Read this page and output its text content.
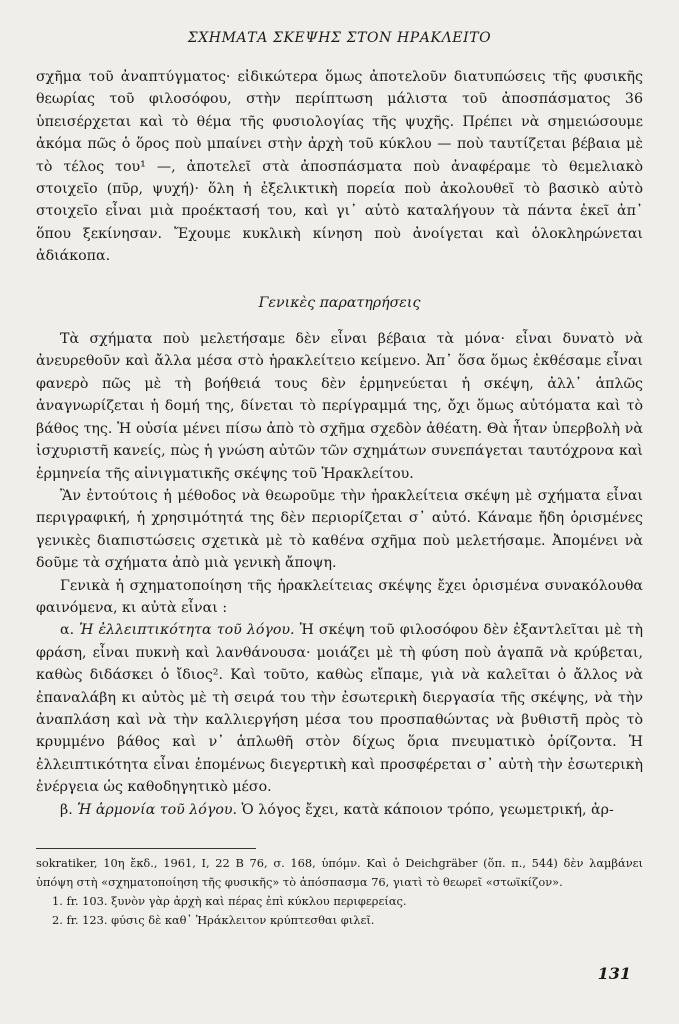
ΣΧΗΜΑΤΑ ΣΚΕΨΗΣ ΣΤΟΝ ΗΡΑΚΛΕΙΤΟ

σχῆμα τοῦ ἀναπτύγματος· εἰδικώτερα ὅμως ἀποτελοῦν διατυπώσεις τῆς φυσικῆς θεωρίας τοῦ φιλοσόφου, στὴν περίπτωση μάλιστα τοῦ ἀποσπάσματος 36 ὑπεισέρχεται καὶ τὸ θέμα τῆς φυσιολογίας τῆς ψυχῆς. Πρέπει νὰ σημειώσουμε ἀκόμα πῶς ὁ ὅρος ποὺ μπαίνει στὴν ἀρχὴ τοῦ κύκλου — ποὺ ταυτίζεται βέβαια μὲ τὸ τέλος του¹ —, ἀποτελεῖ στὰ ἀποσπάσματα ποὺ ἀναφέραμε τὸ θεμελιακὸ στοιχεῖο (πῦρ, ψυχή)· ὅλη ἡ ἐξελικτικὴ πορεία ποὺ ἀκολουθεῖ τὸ βασικὸ αὐτὸ στοιχεῖο εἶναι μιὰ προέκτασή του, καὶ γι᾽ αὐτὸ καταλήγουν τὰ πάντα ἐκεῖ ἀπ᾽ ὅπου ξεκίνησαν. Ἔχουμε κυκλικὴ κίνηση ποὺ ἀνοίγεται καὶ ὁλοκληρώνεται ἀδιάκοπα.

Γενικὲς παρατηρήσεις

Τὰ σχήματα ποὺ μελετήσαμε δὲν εἶναι βέβαια τὰ μόνα· εἶναι δυνατὸ νὰ ἀνευρεθοῦν καὶ ἄλλα μέσα στὸ ἡρακλείτειο κείμενο. Ἀπ᾽ ὅσα ὅμως ἐκθέσαμε εἶναι φανερὸ πῶς μὲ τὴ βοήθειά τους δὲν ἑρμηνεύεται ἡ σκέψη, ἀλλ᾽ ἁπλῶς ἀναγνωρίζεται ἡ δομή της, δίνεται τὸ περίγραμμά της, ὄχι ὅμως αὐτόματα καὶ τὸ βάθος της. Ἡ οὐσία μένει πίσω ἀπὸ τὸ σχῆμα σχεδὸν ἀθέατη. Θὰ ἦταν ὑπερβολὴ νὰ ἰσχυριστῆ κανείς, πὼς ἡ γνώση αὐτῶν τῶν σχημάτων συνεπάγεται ταυτόχρονα καὶ ἑρμηνεία τῆς αἰνιγματικῆς σκέψης τοῦ Ἡρακλείτου.

Ἂν ἐντούτοις ἡ μέθοδος νὰ θεωροῦμε τὴν ἡρακλείτεια σκέψη μὲ σχήματα εἶναι περιγραφική, ἡ χρησιμότητά της δὲν περιορίζεται σ᾽ αὐτό. Κάναμε ἤδη ὁρισμένες γενικὲς διαπιστώσεις σχετικὰ μὲ τὸ καθένα σχῆμα ποὺ μελετήσαμε. Ἀπομένει νὰ δοῦμε τὰ σχήματα ἀπὸ μιὰ γενικὴ ἄποψη.

Γενικὰ ἡ σχηματοποίηση τῆς ἡρακλείτειας σκέψης ἔχει ὁρισμένα συνακόλουθα φαινόμενα, κι αὐτὰ εἶναι :

α. Ἡ ἐλλειπτικότητα τοῦ λόγου. Ἡ σκέψη τοῦ φιλοσόφου δὲν ἐξαντλεῖται μὲ τὴ φράση, εἶναι πυκνὴ καὶ λανθάνουσα· μοιάζει μὲ τὴ φύση ποὺ ἀγαπᾶ νὰ κρύβεται, καθὼς διδάσκει ὁ ἴδιος². Καὶ τοῦτο, καθὼς εἴπαμε, γιὰ νὰ καλεῖται ὁ ἄλλος νὰ ἐπαναλάβη κι αὐτὸς μὲ τὴ σειρά του τὴν ἐσωτερικὴ διεργασία τῆς σκέψης, νὰ τὴν ἀναπλάση καὶ νὰ τὴν καλλιεργήση μέσα του προσπαθώντας νὰ βυθιστῆ πρὸς τὸ κρυμμένο βάθος καὶ ν᾽ ἁπλωθῆ στὸν δίχως ὅρια πνευματικὸ ὁρίζοντα. Ἡ ἐλλειπτικότητα εἶναι ἑπομένως διεγερτικὴ καὶ προσφέρεται σ᾽ αὐτὴ τὴν ἐσωτερικὴ ἐνέργεια ὡς καθοδηγητικὸ μέσο.

β. Ἡ ἁρμονία τοῦ λόγου. Ὁ λόγος ἔχει, κατὰ κάποιον τρόπο, γεωμετρική, ἀρ-

sokratiker, 10η ἔκδ., 1961, I, 22 B 76, σ. 168, ὑπόμν. Καὶ ὁ Deichgräber (ὅπ. π., 544) δὲν λαμβάνει ὑπόψη στὴ «σχηματοποίηση τῆς φυσικῆς» τὸ ἀπόσπασμα 76, γιατὶ τὸ θεωρεῖ «στωϊκίζον».

1. fr. 103. ξυνὸν γὰρ ἀρχὴ καὶ πέρας ἐπὶ κύκλου περιφερείας.

2. fr. 123. φύσις δὲ καθ᾽ Ἡράκλειτον κρύπτεσθαι φιλεῖ.

131
